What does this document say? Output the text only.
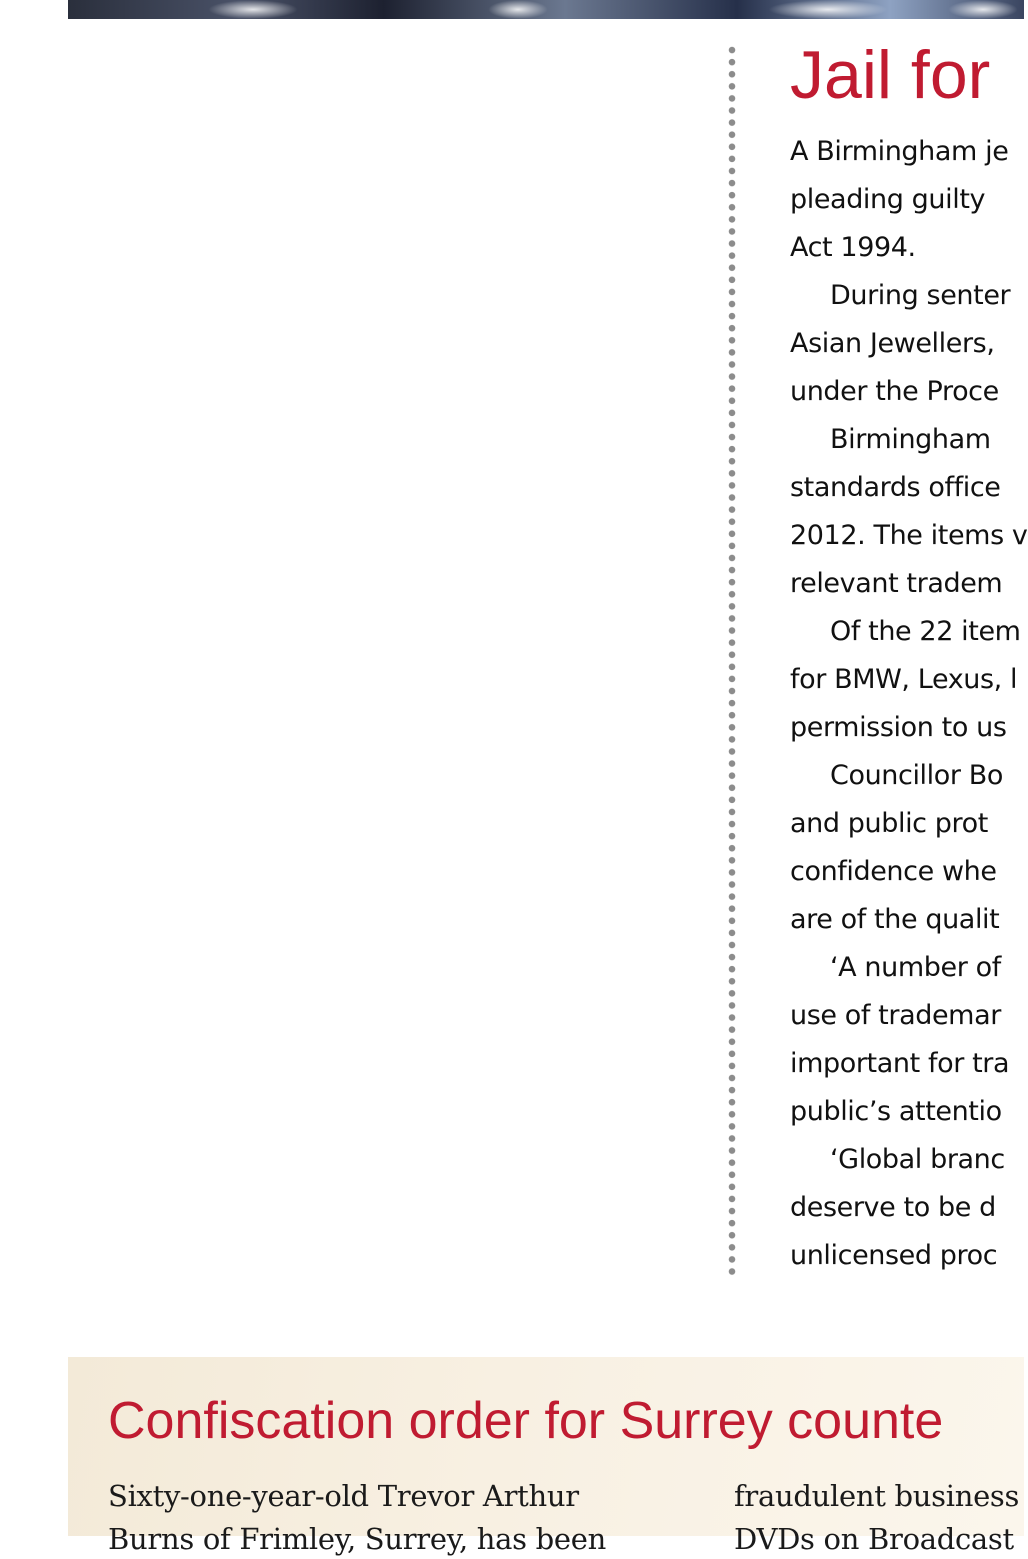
Jail for
A Birmingham je
pleading guilty
Act 1994.
During senter
Asian Jewellers,
under the Proce
Birmingham
standards office
2012. The items v
relevant tradem
Of the 22 item
for BMW, Lexus, l
permission to us
Councillor Bo
and public prot
confidence whe
are of the qualit
‘A number of
use of trademar
important for tra
public’s attentio
‘Global branc
deserve to be d
unlicensed proc
Confiscation order for Surrey counte
Sixty-one-year-old Trevor Arthur
Burns of Frimley, Surrey, has been
fraudulent business
DVDs on Broadcast
